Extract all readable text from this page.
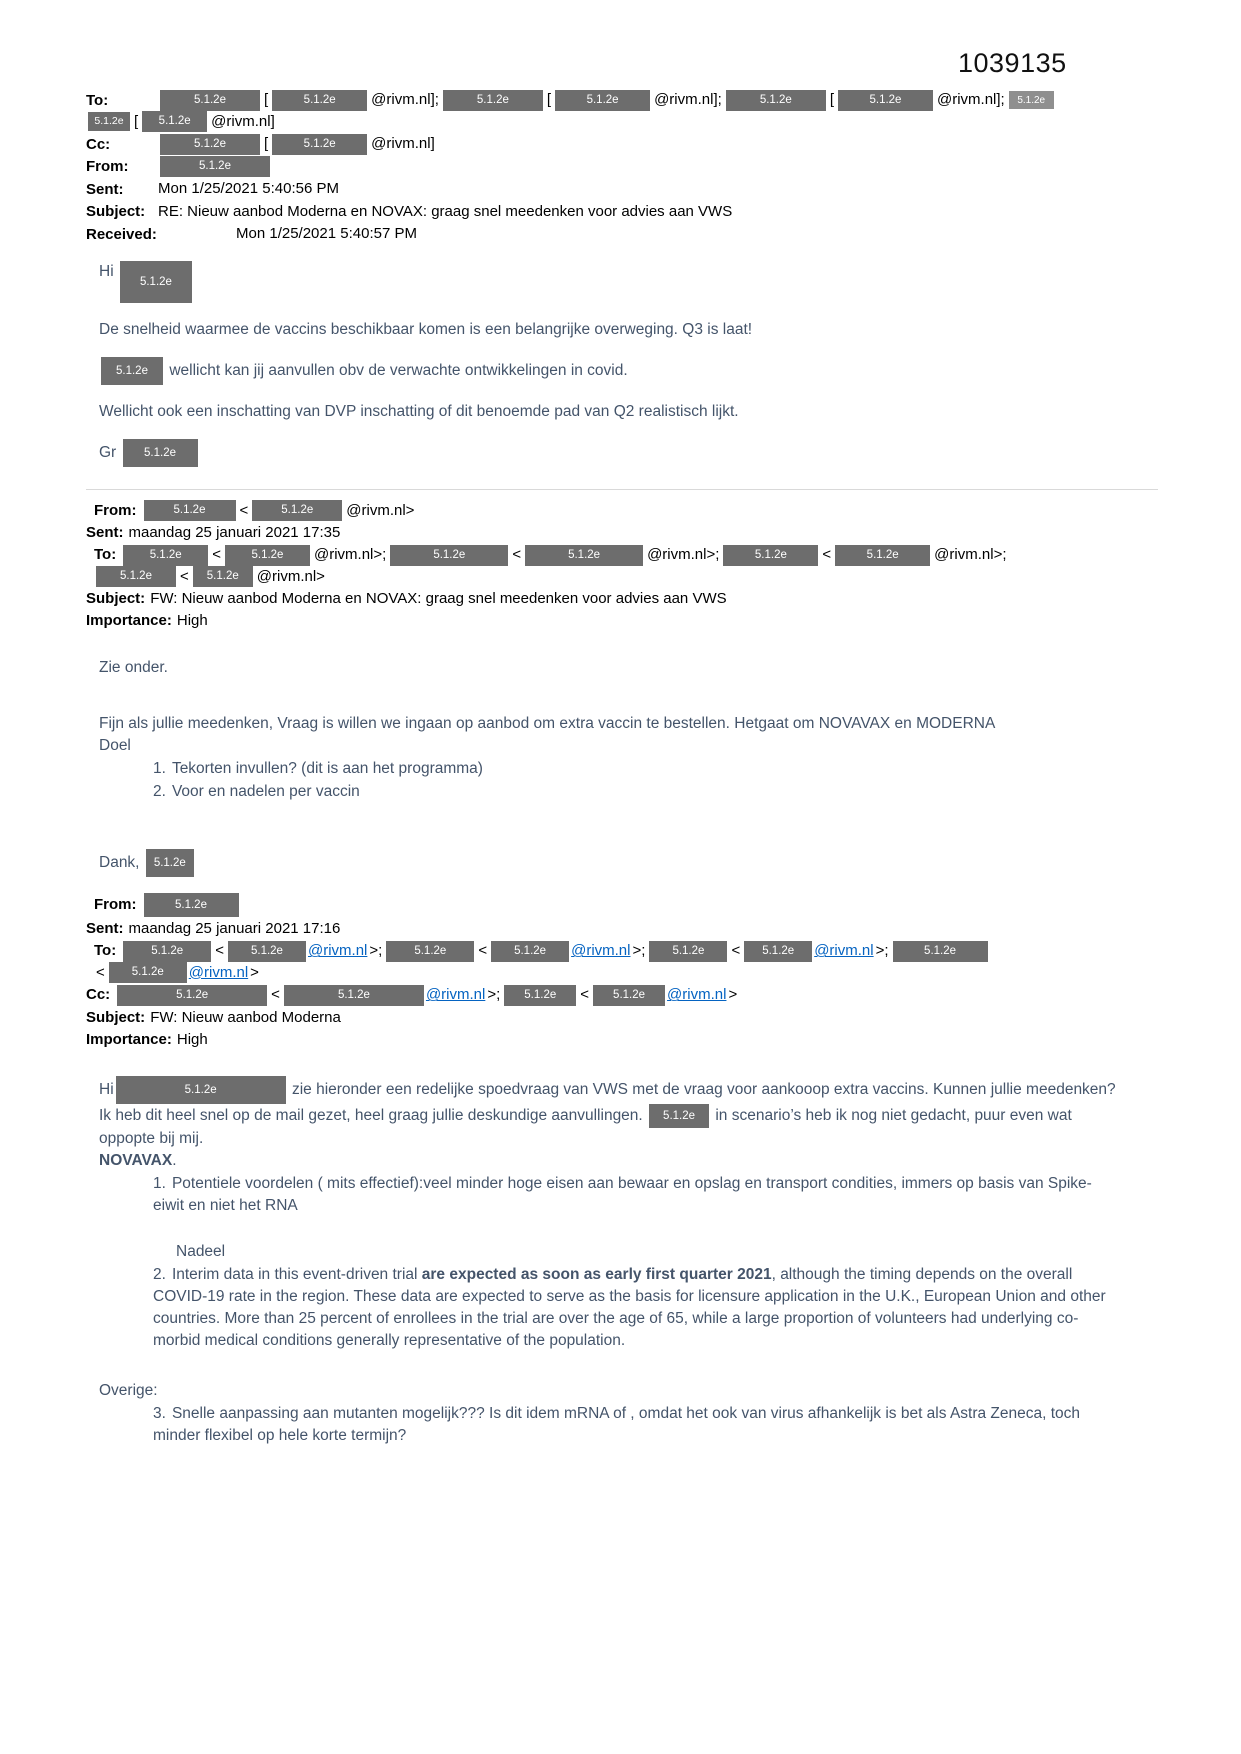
1039135
To:	5.1.2e	[	5.1.2e @rivm.nl];	5.1.2e	[	5.1.2e @rivm.nl];	5.1.2e	[	5.1.2e @rivm.nl]; 5.1.2e
5.1.2e [ 5.1.2e @rivm.nl]
Cc:	5.1.2e	[	5.1.2e @rivm.nl]
From:	5.1.2e
Sent: Mon 1/25/2021 5:40:56 PM
Subject: RE: Nieuw aanbod Moderna en NOVAX: graag snel meedenken voor advies aan VWS
Received:	Mon 1/25/2021 5:40:57 PM

Hi 5.1.2e

De snelheid waarmee de vaccins beschikbaar komen is een belangrijke overweging. Q3 is laat!

5.1.2e wellicht kan jij aanvullen obv de verwachte ontwikkelingen in covid.

Wellicht ook een inschatting van DVP inschatting of dit benoemde pad van Q2 realistisch lijkt.

Gr 5.1.2e

From:	5.1.2e <	5.1.2e @rivm.nl>
Sent: maandag 25 januari 2021 17:35
To:	5.1.2e <	5.1.2e @rivm.nl>;	5.1.2e	<	5.1.2e	@rivm.nl>;	5.1.2e <	5.1.2e @rivm.nl>;
5.1.2e < 5.1.2e @rivm.nl>
Subject: FW: Nieuw aanbod Moderna en NOVAX: graag snel meedenken voor advies aan VWS
Importance: High

Zie onder.

Fijn als jullie meedenken, Vraag is willen we ingaan op aanbod om extra vaccin te bestellen. Hetgaat om NOVAVAX en MODERNA

Doel

1. Tekorten invullen? (dit is aan het programma)
2. Voor en nadelen per vaccin

Dank, 5.1.2e

From:	5.1.2e
Sent: maandag 25 januari 2021 17:16
To:	5.1.2e < 5.1.2e @rivm.nl >;	5.1.2e < 5.1.2e @rivm.nl >; 5.1.2e < 5.1.2e @rivm.nl >;	5.1.2e
< 5.1.2e @rivm.nl >
Cc:	5.1.2e	<	5.1.2e	@rivm.nl >; 5.1.2e < 5.1.2e @rivm.nl >
Subject: FW: Nieuw aanbod Moderna
Importance: High

Hi	5.1.2e	zie hieronder een redelijke spoedvraag van VWS met de vraag voor aankooop extra vaccins. Kunnen jullie meedenken? Ik heb dit heel snel op de mail gezet, heel graag jullie deskundige aanvullingen. 5.1.2e in scenario’s heb ik nog niet gedacht, puur even wat oppopte bij mij.

NOVAVAX.
1. Potentiele voordelen ( mits effectief):veel minder hoge eisen aan bewaar en opslag en transport condities, immers op basis van Spike-eiwit en niet het RNA
Nadeel
2. Interim data in this event-driven trial are expected as soon as early first quarter 2021, although the timing depends on the overall COVID-19 rate in the region. These data are expected to serve as the basis for licensure application in the U.K., European Union and other countries. More than 25 percent of enrollees in the trial are over the age of 65, while a large proportion of volunteers had underlying co-morbid medical conditions generally representative of the population.
Overige:
3. Snelle aanpassing aan mutanten mogelijk??? Is dit idem mRNA of , omdat het ook van virus afhankelijk is bet als Astra Zeneca, toch minder flexibel op hele korte termijn?
